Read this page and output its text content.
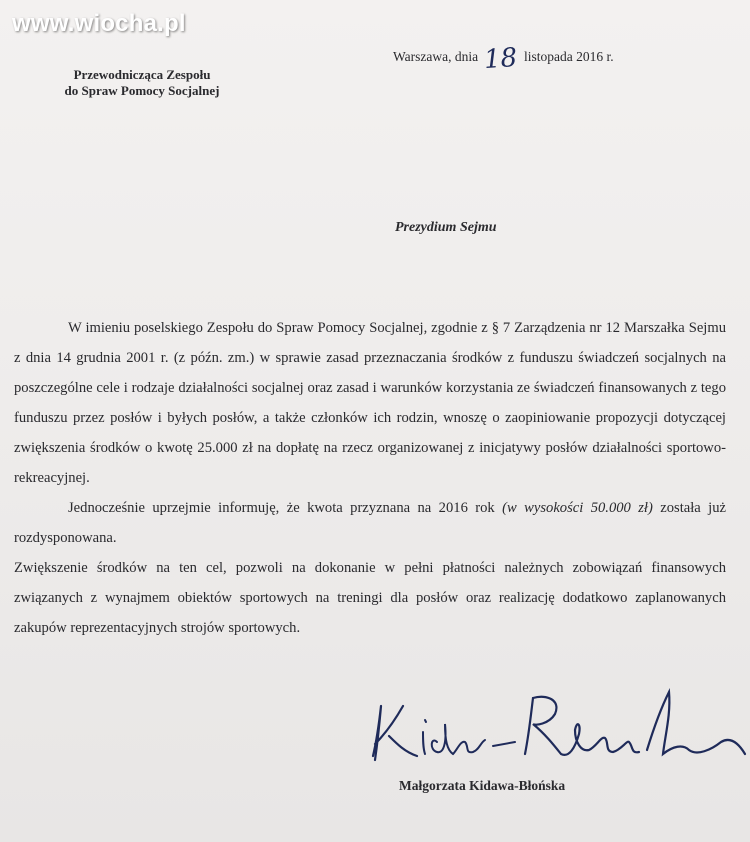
www.wiocha.pl
Warszawa, dnia 18 listopada 2016 r.
Przewodnicząca Zespołu
do Spraw Pomocy Socjalnej
Prezydium Sejmu

W imieniu poselskiego Zespołu do Spraw Pomocy Socjalnej, zgodnie z § 7 Zarządzenia nr 12 Marszałka Sejmu z dnia 14 grudnia 2001 r. (z późn. zm.) w sprawie zasad przeznaczania środków z funduszu świadczeń socjalnych na poszczególne cele i rodzaje działalności socjalnej oraz zasad i warunków korzystania ze świadczeń finansowanych z tego funduszu przez posłów i byłych posłów, a także członków ich rodzin, wnoszę o zaopiniowanie propozycji dotyczącej zwiększenia środków o kwotę 25.000 zł na dopłatę na rzecz organizowanej z inicjatywy posłów działalności sportowo-rekreacyjnej.

Jednocześnie uprzejmie informuję, że kwota przyznana na 2016 rok (w wysokości 50.000 zł) została już rozdysponowana.

Zwiększenie środków na ten cel, pozwoli na dokonanie w pełni płatności należnych zobowiązań finansowych związanych z wynajmem obiektów sportowych na treningi dla posłów oraz realizację dodatkowo zaplanowanych zakupów reprezentacyjnych strojów sportowych.

Małgorzata Kidawa-Błońska
